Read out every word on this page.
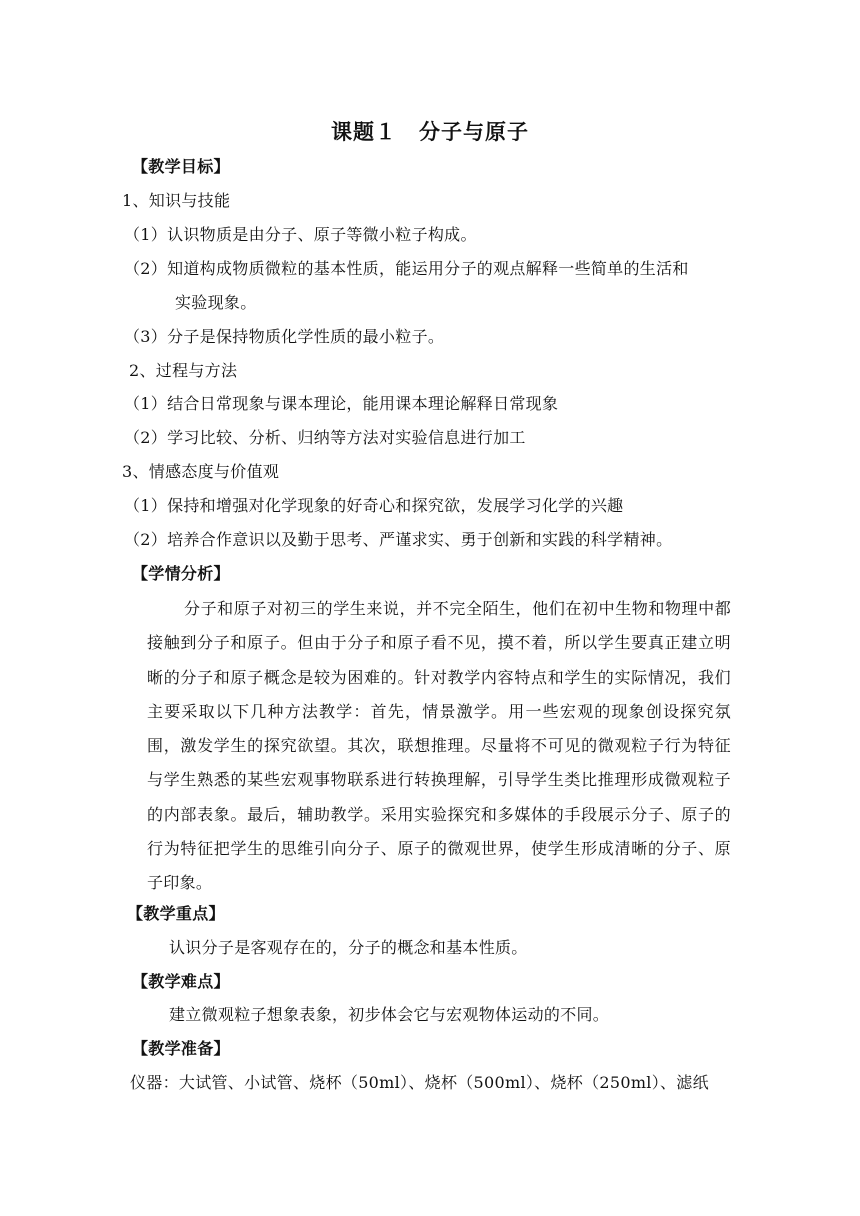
课题１　分子与原子
【教学目标】
1、知识与技能
（1）认识物质是由分子、原子等微小粒子构成。
（2）知道构成物质微粒的基本性质，能运用分子的观点解释一些简单的生活和
实验现象。
（3）分子是保持物质化学性质的最小粒子。
2、过程与方法
（1）结合日常现象与课本理论，能用课本理论解释日常现象
（2）学习比较、分析、归纳等方法对实验信息进行加工
3、情感态度与价值观
（1）保持和增强对化学现象的好奇心和探究欲，发展学习化学的兴趣
（2）培养合作意识以及勤于思考、严谨求实、勇于创新和实践的科学精神。
【学情分析】
分子和原子对初三的学生来说，并不完全陌生，他们在初中生物和物理中都接触到分子和原子。但由于分子和原子看不见，摸不着，所以学生要真正建立明晰的分子和原子概念是较为困难的。针对教学内容特点和学生的实际情况，我们主要采取以下几种方法教学：首先，情景激学。用一些宏观的现象创设探究氛围，激发学生的探究欲望。其次，联想推理。尽量将不可见的微观粒子行为特征与学生熟悉的某些宏观事物联系进行转换理解，引导学生类比推理形成微观粒子的内部表象。最后，辅助教学。采用实验探究和多媒体的手段展示分子、原子的行为特征把学生的思维引向分子、原子的微观世界，使学生形成清晰的分子、原子印象。
【教学重点】
认识分子是客观存在的，分子的概念和基本性质。
【教学难点】
建立微观粒子想象表象，初步体会它与宏观物体运动的不同。
【教学准备】
仪器：大试管、小试管、烧杯（50ml）、烧杯（500ml）、烧杯（250ml）、滤纸
